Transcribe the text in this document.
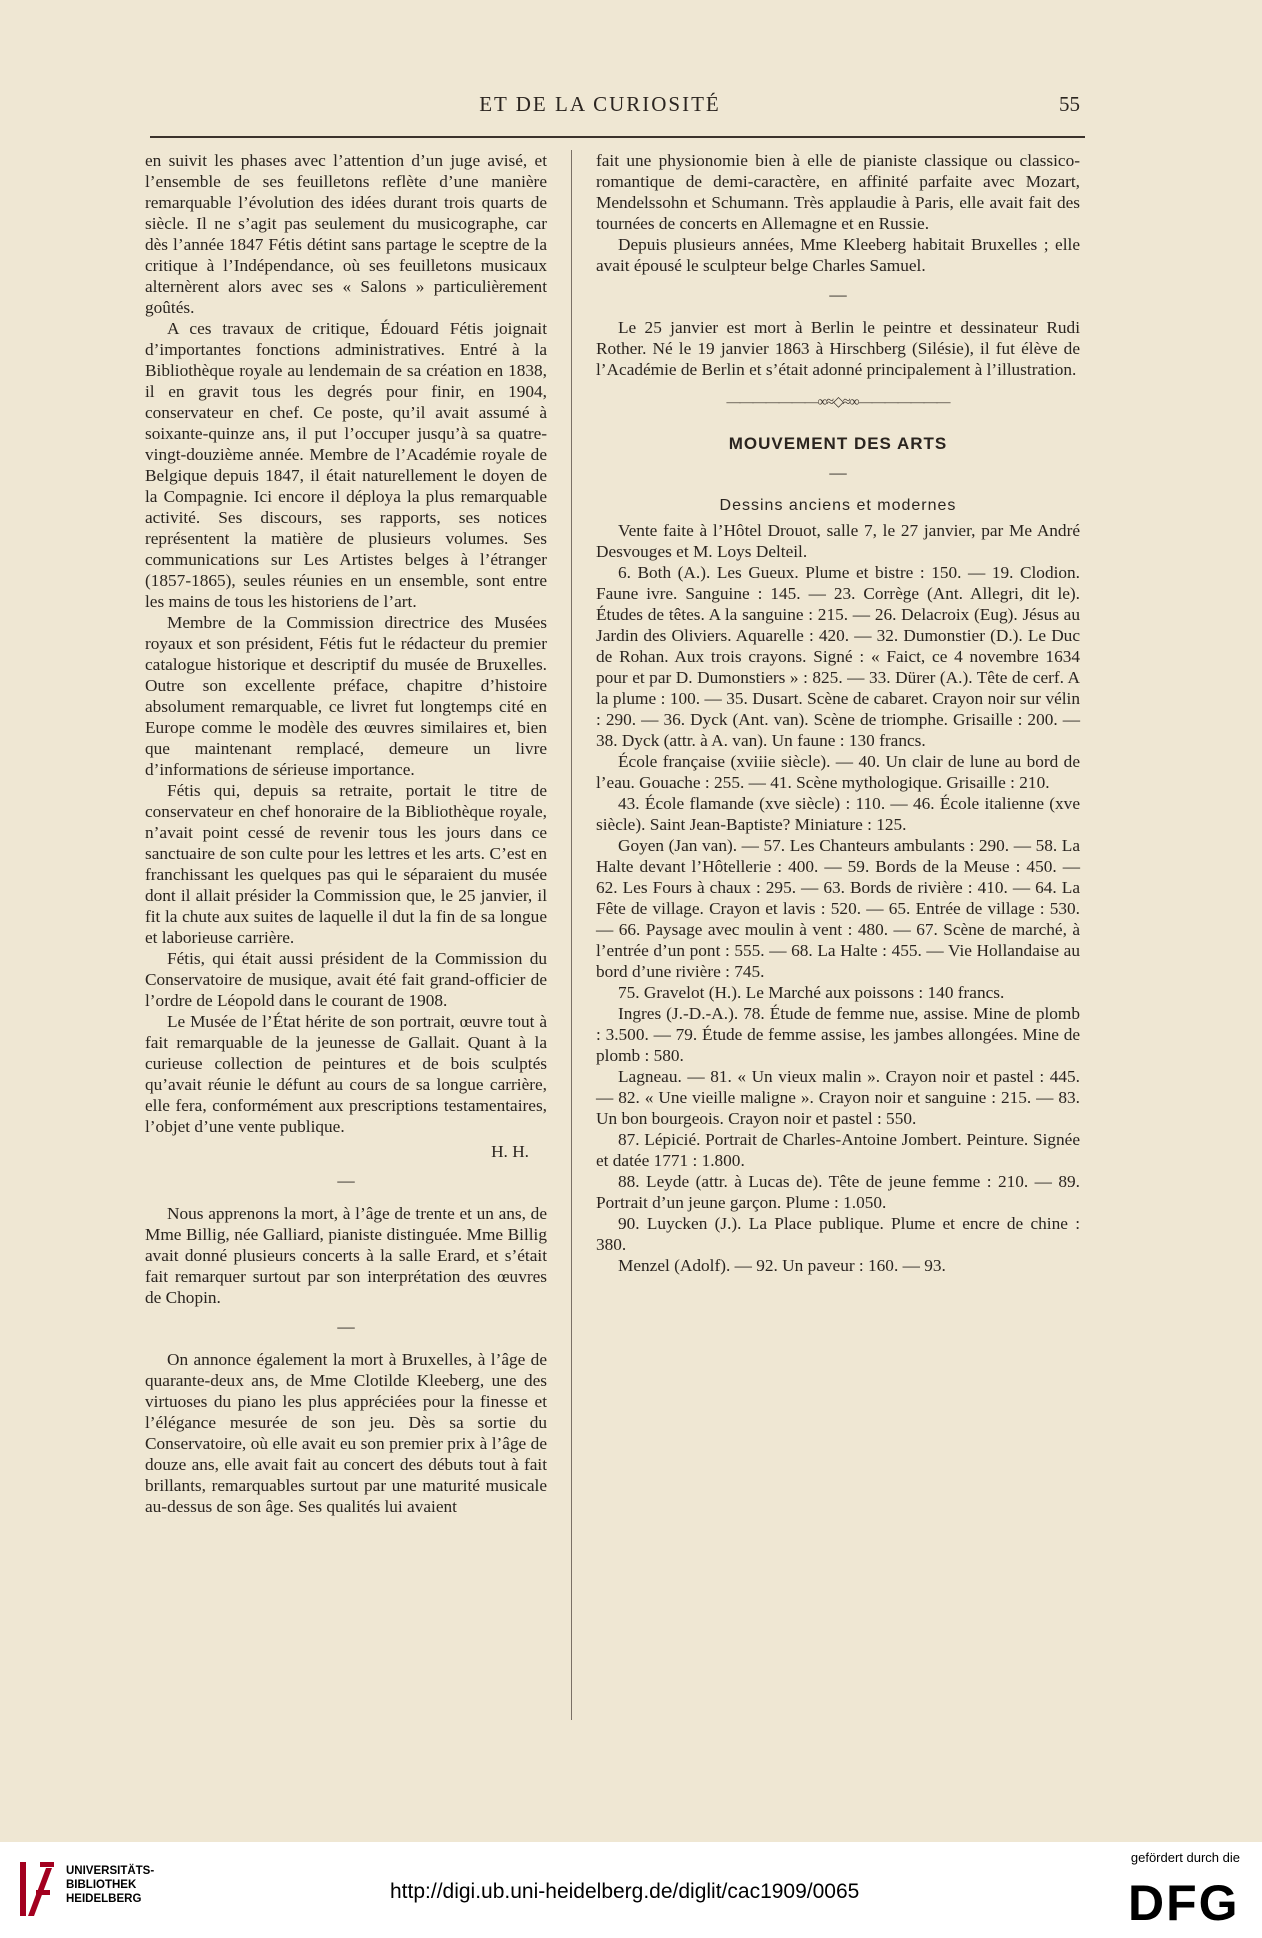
ET DE LA CURIOSITÉ	55

en suivit les phases avec l’attention d’un juge avisé, et l’ensemble de ses feuilletons reflète d’une manière remarquable l’évolution des idées durant trois quarts de siècle. Il ne s’agit pas seulement du musicographe, car dès l’année 1847 Fétis détint sans partage le sceptre de la critique à l’Indépendance, où ses feuilletons musicaux alternèrent alors avec ses « Salons » particulièrement goûtés.

A ces travaux de critique, Édouard Fétis joignait d’importantes fonctions administratives. Entré à la Bibliothèque royale au lendemain de sa création en 1838, il en gravit tous les degrés pour finir, en 1904, conservateur en chef. Ce poste, qu’il avait assumé à soixante-quinze ans, il put l’occuper jusqu’à sa quatre-vingt-douzième année. Membre de l’Académie royale de Belgique depuis 1847, il était naturellement le doyen de la Compagnie. Ici encore il déploya la plus remarquable activité. Ses discours, ses rapports, ses notices représentent la matière de plusieurs volumes. Ses communications sur Les Artistes belges à l’étranger (1857-1865), seules réunies en un ensemble, sont entre les mains de tous les historiens de l’art.

Membre de la Commission directrice des Musées royaux et son président, Fétis fut le rédacteur du premier catalogue historique et descriptif du musée de Bruxelles. Outre son excellente préface, chapitre d’histoire absolument remarquable, ce livret fut longtemps cité en Europe comme le modèle des œuvres similaires et, bien que maintenant remplacé, demeure un livre d’informations de sérieuse importance.

Fétis qui, depuis sa retraite, portait le titre de conservateur en chef honoraire de la Bibliothèque royale, n’avait point cessé de revenir tous les jours dans ce sanctuaire de son culte pour les lettres et les arts. C’est en franchissant les quelques pas qui le séparaient du musée dont il allait présider la Commission que, le 25 janvier, il fit la chute aux suites de laquelle il dut la fin de sa longue et laborieuse carrière.

Fétis, qui était aussi président de la Commission du Conservatoire de musique, avait été fait grand-officier de l’ordre de Léopold dans le courant de 1908.

Le Musée de l’État hérite de son portrait, œuvre tout à fait remarquable de la jeunesse de Gallait. Quant à la curieuse collection de peintures et de bois sculptés qu’avait réunie le défunt au cours de sa longue carrière, elle fera, conformément aux prescriptions testamentaires, l’objet d’une vente publique.

H. H.
—

Nous apprenons la mort, à l’âge de trente et un ans, de Mme Billig, née Galliard, pianiste distinguée. Mme Billig avait donné plusieurs concerts à la salle Erard, et s’était fait remarquer surtout par son interprétation des œuvres de Chopin.

—

On annonce également la mort à Bruxelles, à l’âge de quarante-deux ans, de Mme Clotilde Kleeberg, une des virtuoses du piano les plus appréciées pour la finesse et l’élégance mesurée de son jeu. Dès sa sortie du Conservatoire, où elle avait eu son premier prix à l’âge de douze ans, elle avait fait au concert des débuts tout à fait brillants, remarquables surtout par une maturité musicale au-dessus de son âge. Ses qualités lui avaient

fait une physionomie bien à elle de pianiste classique ou classico-romantique de demi-caractère, en affinité parfaite avec Mozart, Mendelssohn et Schumann. Très applaudie à Paris, elle avait fait des tournées de concerts en Allemagne et en Russie.

Depuis plusieurs années, Mme Kleeberg habitait Bruxelles ; elle avait épousé le sculpteur belge Charles Samuel.

—

Le 25 janvier est mort à Berlin le peintre et dessinateur Rudi Rother. Né le 19 janvier 1863 à Hirschberg (Silésie), il fut élève de l’Académie de Berlin et s’était adonné principalement à l’illustration.

———————∞≈◇≈∞———————
MOUVEMENT DES ARTS
—
Dessins anciens et modernes

Vente faite à l’Hôtel Drouot, salle 7, le 27 janvier, par Me André Desvouges et M. Loys Delteil.

6. Both (A.). Les Gueux. Plume et bistre : 150. — 19. Clodion. Faune ivre. Sanguine : 145. — 23. Corrège (Ant. Allegri, dit le). Études de têtes. A la sanguine : 215. — 26. Delacroix (Eug). Jésus au Jardin des Oliviers. Aquarelle : 420. — 32. Dumonstier (D.). Le Duc de Rohan. Aux trois crayons. Signé : « Faict, ce 4 novembre 1634 pour et par D. Dumonstiers » : 825. — 33. Dürer (A.). Tête de cerf. A la plume : 100. — 35. Dusart. Scène de cabaret. Crayon noir sur vélin : 290. — 36. Dyck (Ant. van). Scène de triomphe. Grisaille : 200. — 38. Dyck (attr. à A. van). Un faune : 130 francs.

École française (xviiie siècle). — 40. Un clair de lune au bord de l’eau. Gouache : 255. — 41. Scène mythologique. Grisaille : 210.

43. École flamande (xve siècle) : 110. — 46. École italienne (xve siècle). Saint Jean-Baptiste? Miniature : 125.

Goyen (Jan van). — 57. Les Chanteurs ambulants : 290. — 58. La Halte devant l’Hôtellerie : 400. — 59. Bords de la Meuse : 450. — 62. Les Fours à chaux : 295. — 63. Bords de rivière : 410. — 64. La Fête de village. Crayon et lavis : 520. — 65. Entrée de village : 530. — 66. Paysage avec moulin à vent : 480. — 67. Scène de marché, à l’entrée d’un pont : 555. — 68. La Halte : 455. — Vie Hollandaise au bord d’une rivière : 745.

75. Gravelot (H.). Le Marché aux poissons : 140 francs.

Ingres (J.-D.-A.). 78. Étude de femme nue, assise. Mine de plomb : 3.500. — 79. Étude de femme assise, les jambes allongées. Mine de plomb : 580.

Lagneau. — 81. « Un vieux malin ». Crayon noir et pastel : 445. — 82. « Une vieille maligne ». Crayon noir et sanguine : 215. — 83. Un bon bourgeois. Crayon noir et pastel : 550.

87. Lépicié. Portrait de Charles-Antoine Jombert. Peinture. Signée et datée 1771 : 1.800.

88. Leyde (attr. à Lucas de). Tête de jeune femme : 210. — 89. Portrait d’un jeune garçon. Plume : 1.050.

90. Luycken (J.). La Place publique. Plume et encre de chine : 380.

Menzel (Adolf). — 92. Un paveur : 160. — 93.

UNIVERSITÄTS-
BIBLIOTHEK
HEIDELBERG	http://digi.ub.uni-heidelberg.de/diglit/cac1909/0065
gefördert durch die
DFG
